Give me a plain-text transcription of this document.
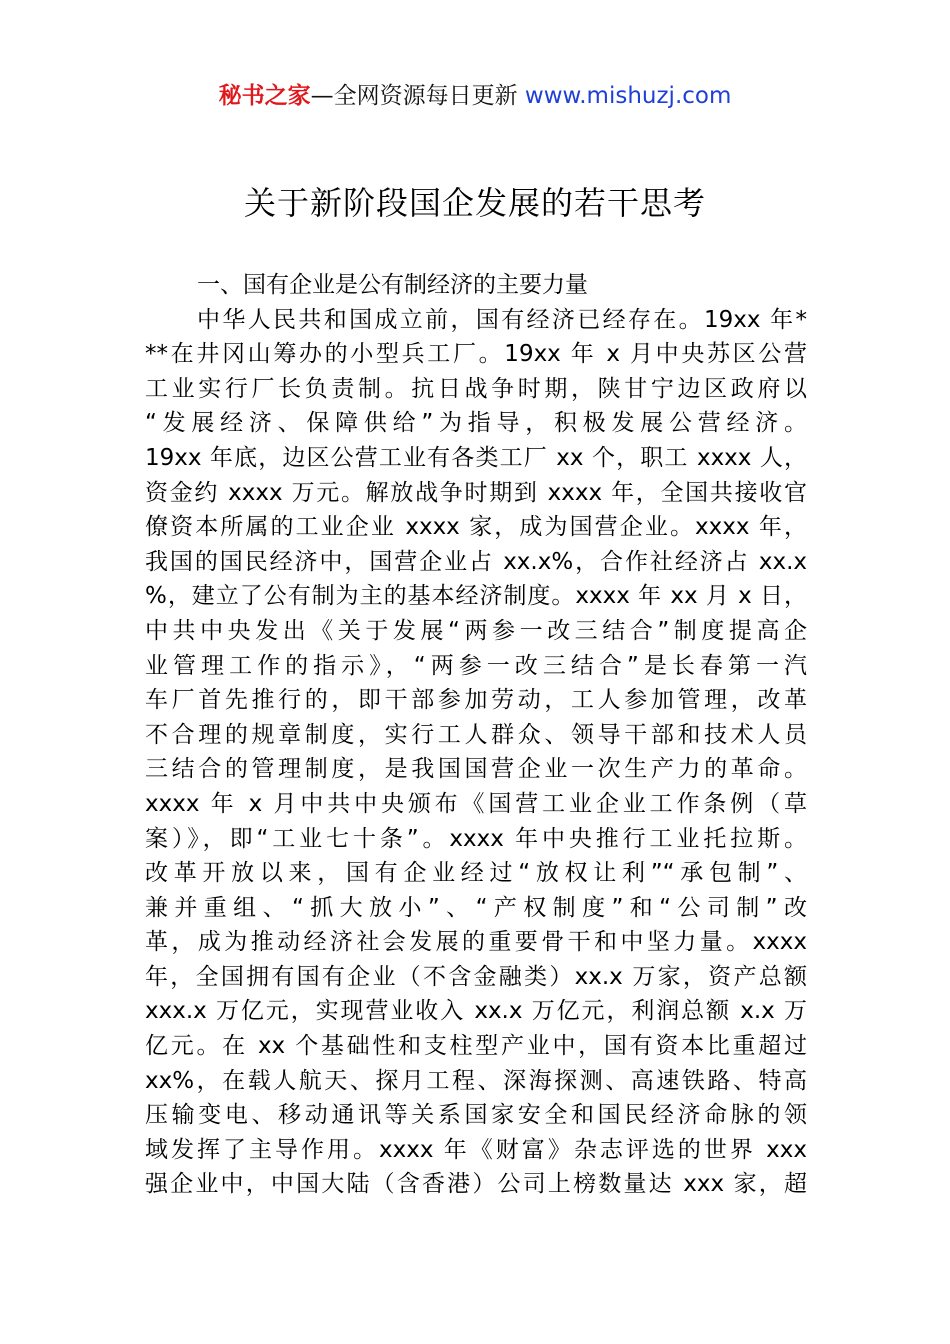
秘书之家—全网资源每日更新 www.mishuzj.com
关于新阶段国企发展的若干思考
一、国有企业是公有制经济的主要力量
中华人民共和国成立前，国有经济已经存在。19xx 年*
**在井冈山筹办的小型兵工厂。19xx 年 x 月中央苏区公营
工业实行厂长负责制。抗日战争时期，陕甘宁边区政府以
“发展经济、保障供给”为指导，积极发展公营经济。
19xx 年底，边区公营工业有各类工厂 xx 个，职工 xxxx 人，
资金约 xxxx 万元。解放战争时期到 xxxx 年，全国共接收官
僚资本所属的工业企业 xxxx 家，成为国营企业。xxxx 年，
我国的国民经济中，国营企业占 xx.x%，合作社经济占 xx.x
%，建立了公有制为主的基本经济制度。xxxx 年 xx 月 x 日，
中共中央发出《关于发展“两参一改三结合”制度提高企
业管理工作的指示》，“两参一改三结合”是长春第一汽
车厂首先推行的，即干部参加劳动，工人参加管理，改革
不合理的规章制度，实行工人群众、领导干部和技术人员
三结合的管理制度，是我国国营企业一次生产力的革命。
xxxx 年 x 月中共中央颁布《国营工业企业工作条例（草
案）》，即“工业七十条”。xxxx 年中央推行工业托拉斯。
改革开放以来，国有企业经过“放权让利”“承包制”、
兼并重组、“抓大放小”、“产权制度”和“公司制”改
革，成为推动经济社会发展的重要骨干和中坚力量。xxxx
年，全国拥有国有企业（不含金融类）xx.x 万家，资产总额
xxx.x 万亿元，实现营业收入 xx.x 万亿元，利润总额 x.x 万
亿元。在 xx 个基础性和支柱型产业中，国有资本比重超过
xx%，在载人航天、探月工程、深海探测、高速铁路、特高
压输变电、移动通讯等关系国家安全和国民经济命脉的领
域发挥了主导作用。xxxx 年《财富》杂志评选的世界 xxx
强企业中，中国大陆（含香港）公司上榜数量达 xxx 家，超
